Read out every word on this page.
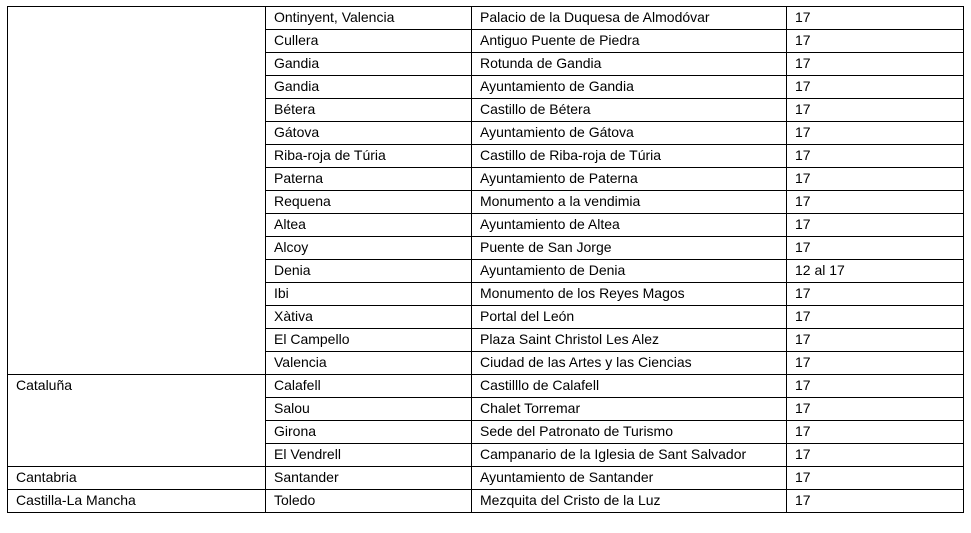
	Ontinyent, Valencia	Palacio de la Duquesa de Almodóvar	17
	Cullera	Antiguo Puente de Piedra	17
	Gandia	Rotunda de Gandia	17
	Gandia	Ayuntamiento de Gandia	17
	Bétera	Castillo de Bétera	17
	Gátova	Ayuntamiento de Gátova	17
	Riba-roja de Túria	Castillo de Riba-roja de Túria	17
	Paterna	Ayuntamiento de Paterna	17
	Requena	Monumento a la vendimia	17
	Altea	Ayuntamiento de Altea	17
	Alcoy	Puente de San Jorge	17
	Denia	Ayuntamiento de Denia	12 al 17
	Ibi	Monumento de los Reyes Magos	17
	Xàtiva	Portal del León	17
	El Campello	Plaza Saint Christol Les Alez	17
	Valencia	Ciudad de las Artes y las Ciencias	17
Cataluña	Calafell	Castilllo de Calafell	17
	Salou	Chalet Torremar	17
	Girona	Sede del Patronato de Turismo	17
	El Vendrell	Campanario de la Iglesia de Sant Salvador	17
Cantabria	Santander	Ayuntamiento de Santander	17
Castilla-La Mancha	Toledo	Mezquita del Cristo de la Luz	17
